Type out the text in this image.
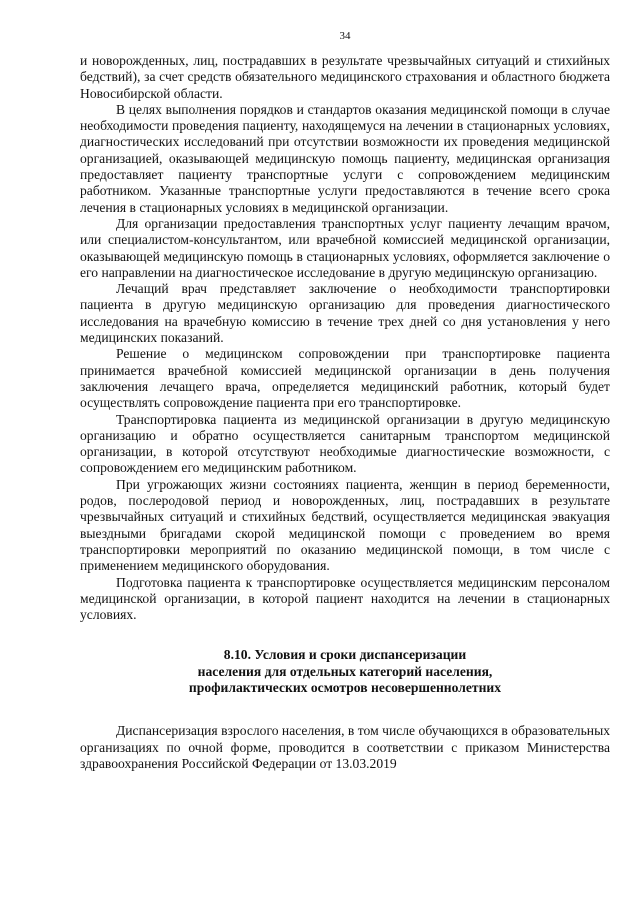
34

и новорожденных, лиц, пострадавших в результате чрезвычайных ситуаций и стихийных бедствий), за счет средств обязательного медицинского страхования и областного бюджета Новосибирской области.

В целях выполнения порядков и стандартов оказания медицинской помощи в случае необходимости проведения пациенту, находящемуся на лечении в стационарных условиях, диагностических исследований при отсутствии возможности их проведения медицинской организацией, оказывающей медицинскую помощь пациенту, медицинская организация предоставляет пациенту транспортные услуги с сопровождением медицинским работником. Указанные транспортные услуги предоставляются в течение всего срока лечения в стационарных условиях в медицинской организации.

Для организации предоставления транспортных услуг пациенту лечащим врачом, или специалистом-консультантом, или врачебной комиссией медицинской организации, оказывающей медицинскую помощь в стационарных условиях, оформляется заключение о его направлении на диагностическое исследование в другую медицинскую организацию.

Лечащий врач представляет заключение о необходимости транспортировки пациента в другую медицинскую организацию для проведения диагностического исследования на врачебную комиссию в течение трех дней со дня установления у него медицинских показаний.

Решение о медицинском сопровождении при транспортировке пациента принимается врачебной комиссией медицинской организации в день получения заключения лечащего врача, определяется медицинский работник, который будет осуществлять сопровождение пациента при его транспортировке.

Транспортировка пациента из медицинской организации в другую медицинскую организацию и обратно осуществляется санитарным транспортом медицинской организации, в которой отсутствуют необходимые диагностические возможности, с сопровождением его медицинским работником.

При угрожающих жизни состояниях пациента, женщин в период беременности, родов, послеродовой период и новорожденных, лиц, пострадавших в результате чрезвычайных ситуаций и стихийных бедствий, осуществляется медицинская эвакуация выездными бригадами скорой медицинской помощи с проведением во время транспортировки мероприятий по оказанию медицинской помощи, в том числе с применением медицинского оборудования.

Подготовка пациента к транспортировке осуществляется медицинским персоналом медицинской организации, в которой пациент находится на лечении в стационарных условиях.

8.10. Условия и сроки диспансеризации
населения для отдельных категорий населения,
профилактических осмотров несовершеннолетних

Диспансеризация взрослого населения, в том числе обучающихся в образовательных организациях по очной форме, проводится в соответствии с приказом Министерства здравоохранения Российской Федерации от 13.03.2019
